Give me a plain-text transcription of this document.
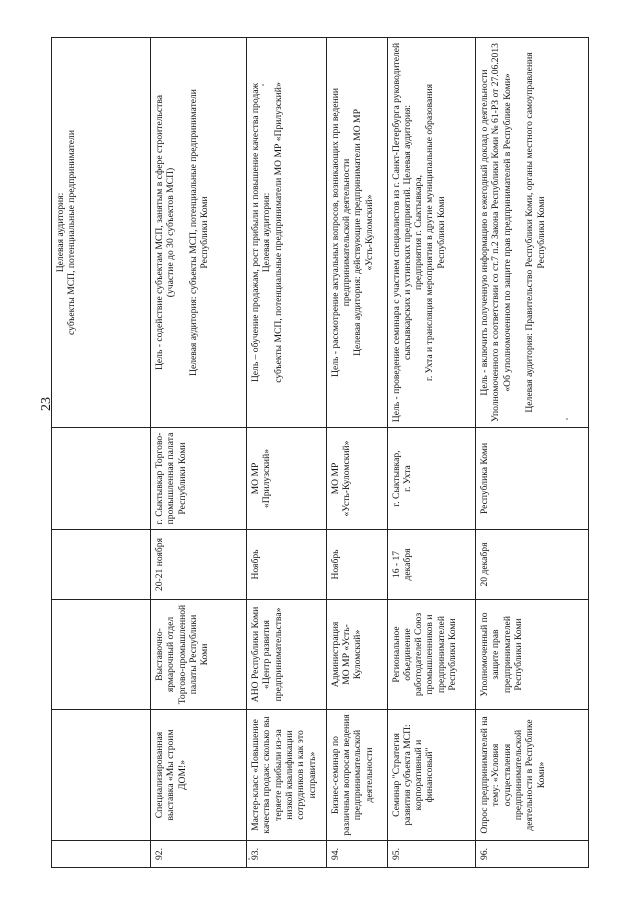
23

					Целевая аудитория:
субъекты МСП, потенциальные предприниматели

92.	Специализированная выставка «Мы строим ДОМ!»	Выставочно-ярмарочный отдел Торгово-промышленной палаты Республики Коми	20-21 ноября	г. Сыктывкар Торгово-промышленная палата Республики Коми	Цель - содействие субъектам МСП, занятым в сфере строительства
(участие до 30 субъектов МСП)

Целевая аудитория: субъекты МСП, потенциальные предприниматели
Республики Коми

93.	Мастер-класс «Повышение качества продаж: сколько вы теряете прибыли из-за низкой квалификации сотрудников и как это исправить»	АНО Республики Коми «Центр развития предпринимательства»	Ноябрь	МО МР «Прилузский»	Цель – обучение продажам, рост прибыли и повышение качества продаж
Целевая аудитория:
субъекты МСП, потенциальные предприниматели МО МР «Прилузский»

94.	Бизнес-семинар по различным вопросам ведения предпринимательской деятельности	Администрация
МО МР «Усть-Куломский»	Ноябрь	МО МР
«Усть-Куломский»	Цель - рассмотрение актуальных вопросов, возникающих при ведении предпринимательской деятельности
Целевая аудитория: действующие предприниматели МО МР
«Усть-Куломский»

95.	Семинар "Стратегия развития субъекта МСП: корпоративный и финансовый"	Региональное объединение работодателей Союз промышленников и предпринимателей Республики Коми	16 - 17 декабря	г. Сыктывкар,
г. Ухта	Цель - проведение семинара с участием специалистов из г. Санкт-Петербурга руководителей сыктывкарских и ухтинских предприятий. Целевая аудитория:
предприятия г. Сыктывкара,
г. Ухта и трансляция мероприятия в другие муниципальные образования
Республики Коми

96.	Опрос предпринимателей на тему: «Условия осуществления предпринимательской деятельности в Республике Коми»	Уполномоченный по защите прав предпринимателей Республики Коми	20 декабря	Республика Коми	Цель - включить полученную информацию в ежегодный доклад о деятельности Уполномоченного в соответствии со ст.7 п.2 Закона Республики Коми № 61-РЗ от 27.06.2013 «Об уполномоченном по защите прав предпринимателей в Республике Коми»

Целевая аудитория: Правительство Республики Коми, органы местного самоуправления Республики Коми
